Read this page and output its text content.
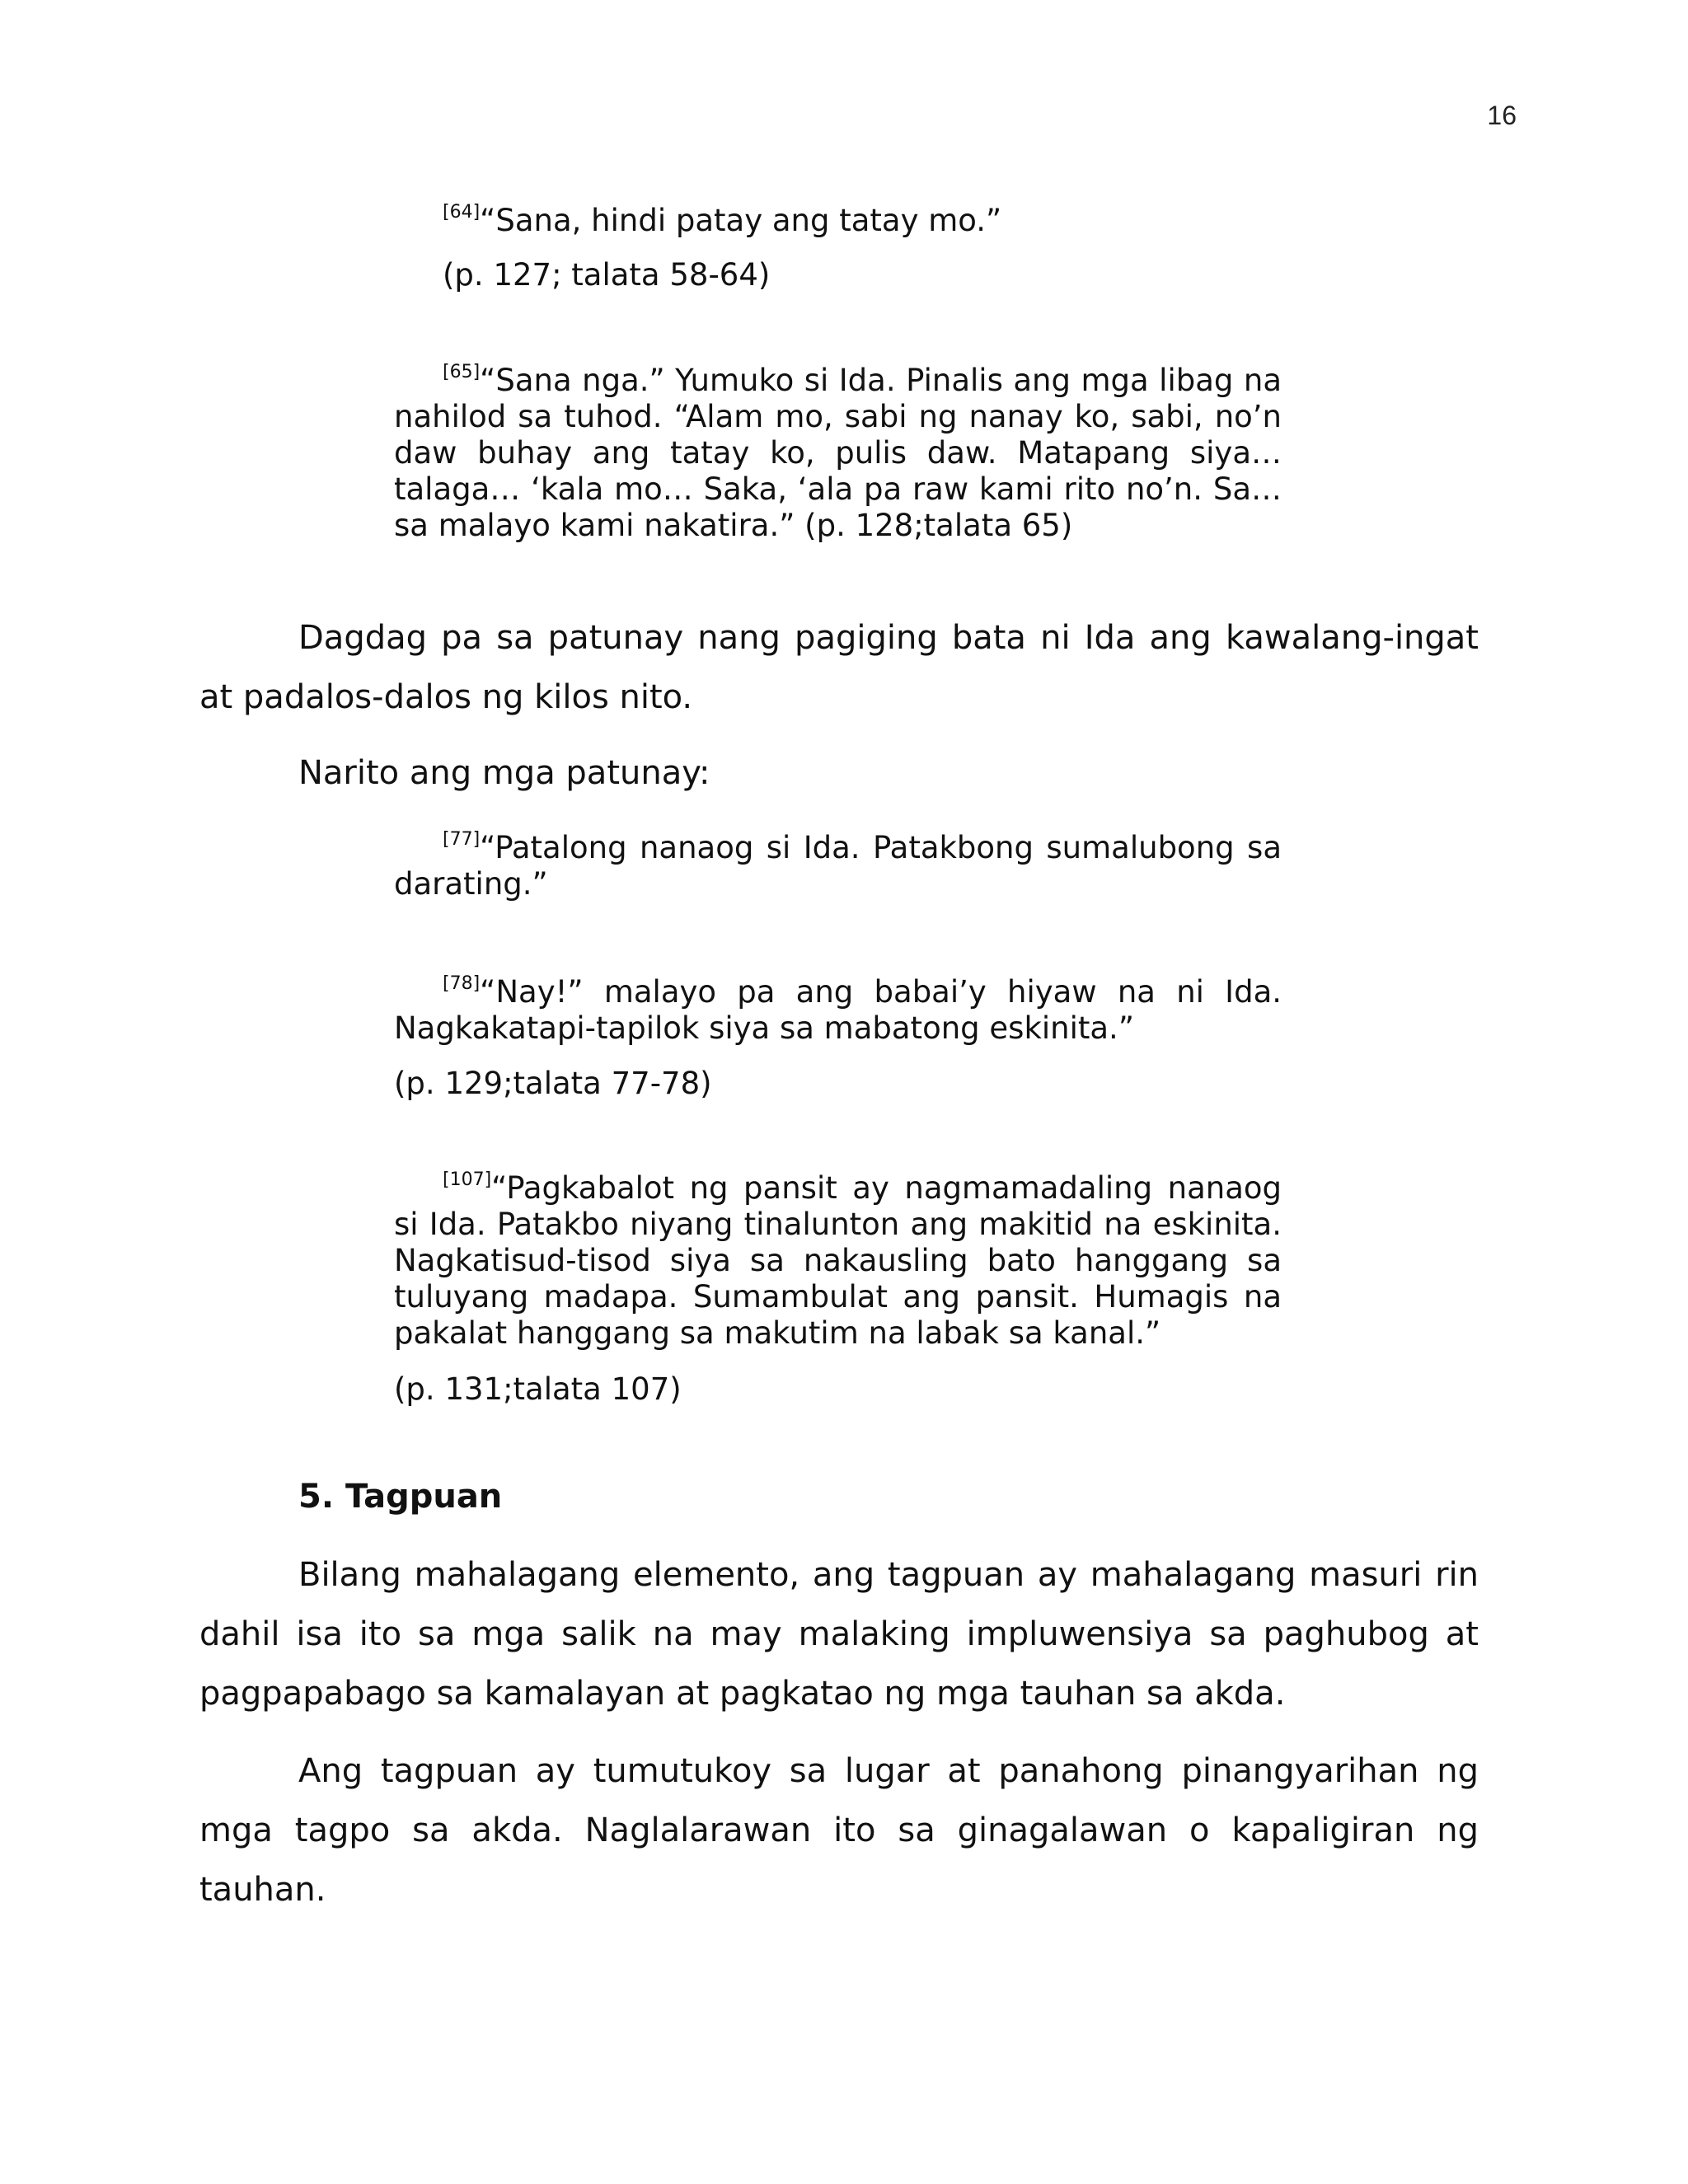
16
[64]“Sana, hindi patay ang tatay mo.”
(p. 127; talata 58-64)
[65]“Sana nga.” Yumuko si Ida. Pinalis ang mga libag na nahilod sa tuhod. “Alam mo, sabi ng nanay ko, sabi, no’n daw buhay ang tatay ko, pulis daw. Matapang siya… talaga… ‘kala mo… Saka, ‘ala pa raw kami rito no’n. Sa… sa malayo kami nakatira.” (p. 128;talata 65)
Dagdag pa sa patunay nang pagiging bata ni Ida ang kawalang-ingat at padalos-dalos ng kilos nito.
Narito ang mga patunay:
[77]“Patalong nanaog si Ida. Patakbong sumalubong sa darating.”
[78]“Nay!” malayo pa ang babai’y hiyaw na ni Ida. Nagkakatapi-tapilok siya sa mabatong eskinita.”
(p. 129;talata 77-78)
[107]“Pagkabalot ng pansit ay nagmamadaling nanaog si Ida. Patakbo niyang tinalunton ang makitid na eskinita. Nagkatisud-tisod siya sa nakausling bato hanggang sa tuluyang madapa. Sumambulat ang pansit. Humagis na pakalat hanggang sa makutim na labak sa kanal.”
(p. 131;talata 107)
5. Tagpuan
Bilang mahalagang elemento, ang tagpuan ay mahalagang masuri rin dahil isa ito sa mga salik na may malaking impluwensiya sa paghubog at pagpapabago sa kamalayan at pagkatao ng mga tauhan sa akda.
Ang tagpuan ay tumutukoy sa lugar at panahong pinangyarihan ng mga tagpo sa akda. Naglalarawan ito sa ginagalawan o kapaligiran ng tauhan.
